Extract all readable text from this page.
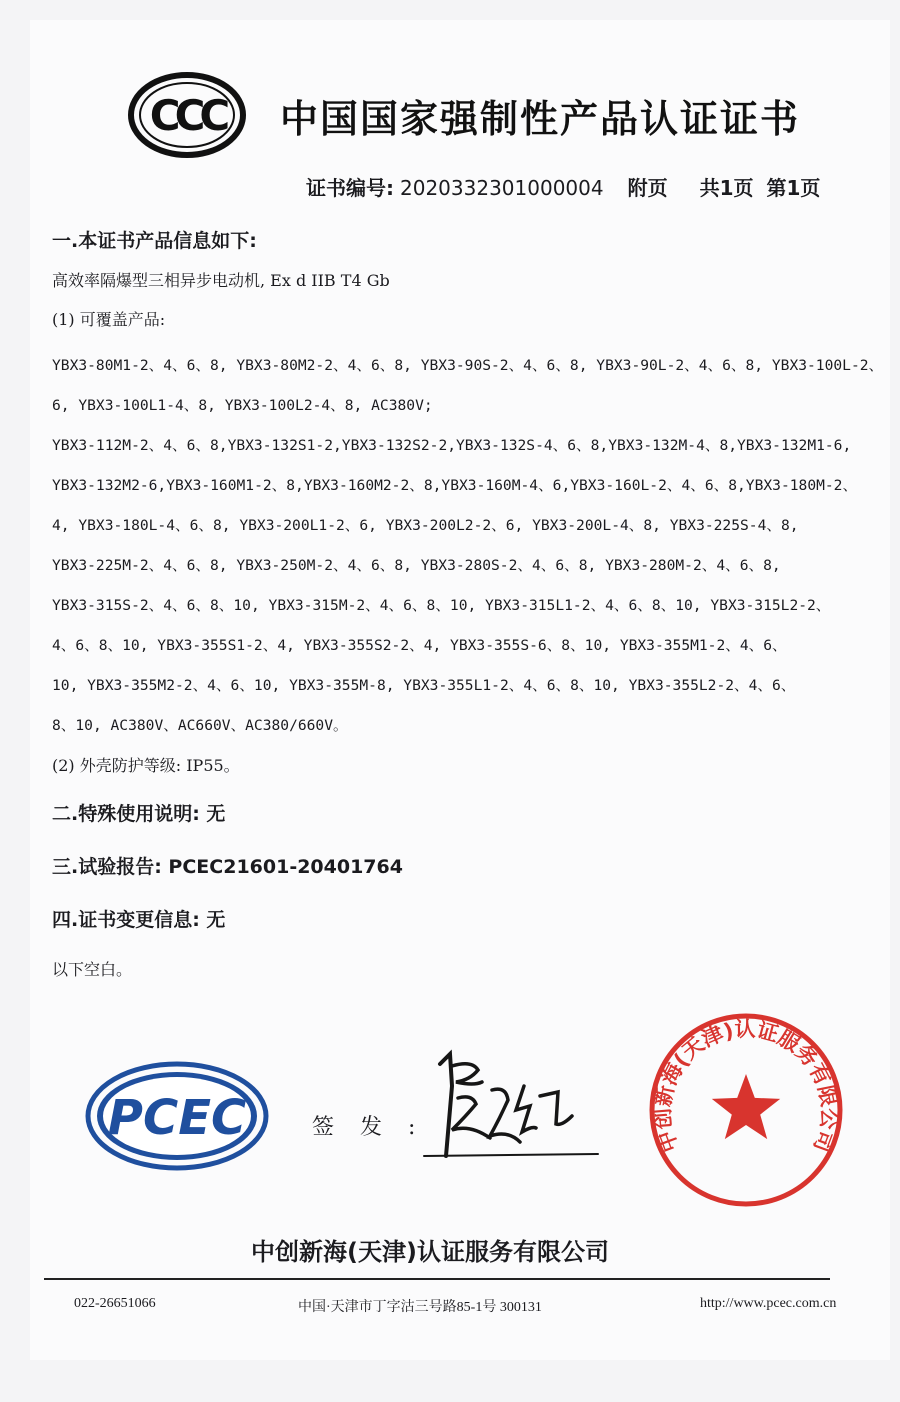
CCC 中国国家强制性产品认证证书
证书编号: 2020332301000004 附页 共1页 第1页
一.本证书产品信息如下:
高效率隔爆型三相异步电动机, Ex d IIB T4 Gb
(1) 可覆盖产品:
YBX3-80M1-2、4、6、8, YBX3-80M2-2、4、6、8, YBX3-90S-2、4、6、8, YBX3-90L-2、4、6、8, YBX3-100L-2、
6, YBX3-100L1-4、8, YBX3-100L2-4、8, AC380V;
YBX3-112M-2、4、6、8,YBX3-132S1-2,YBX3-132S2-2,YBX3-132S-4、6、8,YBX3-132M-4、8,YBX3-132M1-6,
YBX3-132M2-6,YBX3-160M1-2、8,YBX3-160M2-2、8,YBX3-160M-4、6,YBX3-160L-2、4、6、8,YBX3-180M-2、
4, YBX3-180L-4、6、8, YBX3-200L1-2、6, YBX3-200L2-2、6, YBX3-200L-4、8, YBX3-225S-4、8,
YBX3-225M-2、4、6、8, YBX3-250M-2、4、6、8, YBX3-280S-2、4、6、8, YBX3-280M-2、4、6、8,
YBX3-315S-2、4、6、8、10, YBX3-315M-2、4、6、8、10, YBX3-315L1-2、4、6、8、10, YBX3-315L2-2、
4、6、8、10, YBX3-355S1-2、4, YBX3-355S2-2、4, YBX3-355S-6、8、10, YBX3-355M1-2、4、6、
10, YBX3-355M2-2、4、6、10, YBX3-355M-8, YBX3-355L1-2、4、6、8、10, YBX3-355L2-2、4、6、
8、10, AC380V、AC660V、AC380/660V。
(2) 外壳防护等级: IP55。
二.特殊使用说明: 无
三.试验报告: PCEC21601-20401764
四.证书变更信息: 无
以下空白。
PCEC	签发:	中创新海(天津)认证服务有限公司
中创新海(天津)认证服务有限公司
022-26651066	中国·天津市丁字沽三号路85-1号 300131	http://www.pcec.com.cn
